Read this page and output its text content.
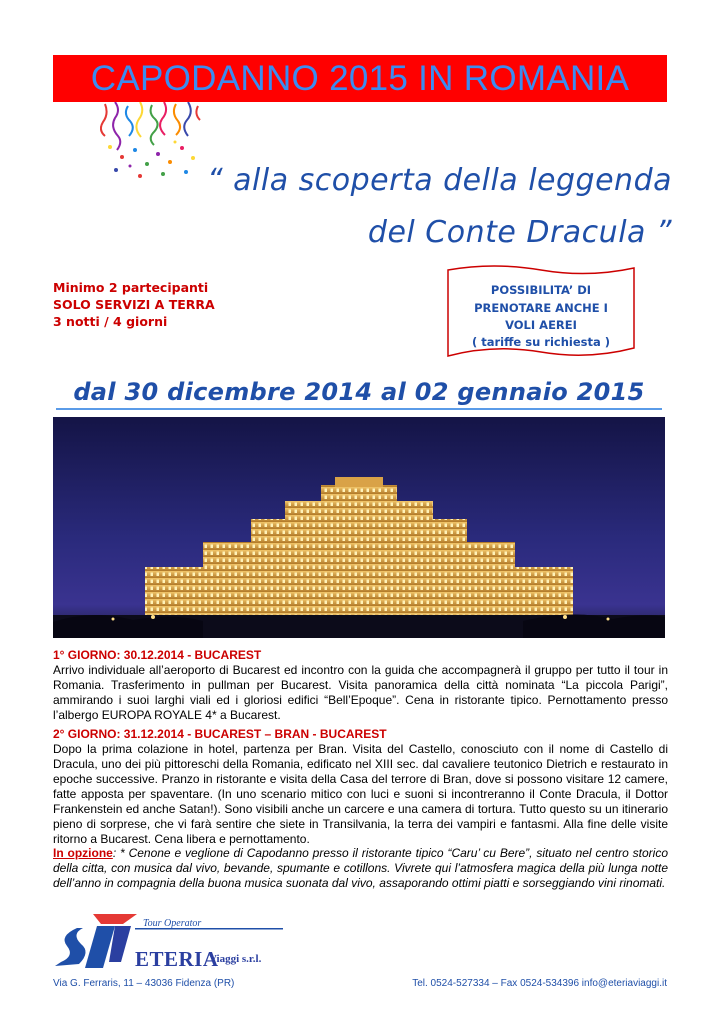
CAPODANNO 2015 IN ROMANIA
“ alla scoperta della leggenda
del Conte Dracula ”
Minimo 2 partecipanti
SOLO SERVIZI A TERRA
3 notti / 4 giorni
POSSIBILITA’ DI
PRENOTARE ANCHE I
VOLI AEREI
( tariffe su richiesta )
dal 30 dicembre 2014 al 02 gennaio 2015
1° GIORNO: 30.12.2014 - BUCAREST
Arrivo individuale all’aeroporto di Bucarest ed incontro con la guida che accompagnerà il gruppo per tutto il tour in Romania. Trasferimento in pullman per Bucarest. Visita panoramica della città nominata “La piccola Parigi”, ammirando i suoi larghi viali ed i gloriosi edifici “Bell’Epoque”. Cena in ristorante tipico. Pernottamento presso l’albergo EUROPA ROYALE 4* a Bucarest.
2° GIORNO: 31.12.2014 - BUCAREST – BRAN - BUCAREST
Dopo la prima colazione in hotel, partenza per Bran. Visita del Castello, conosciuto con il nome di Castello di Dracula, uno dei più pittoreschi della Romania, edificato nel XIII sec. dal cavaliere teutonico Dietrich e restaurato in epoche successive. Pranzo in ristorante e visita della Casa del terrore di Bran, dove si possono visitare 12 camere, fatte apposta per spaventare. (In uno scenario mitico con luci e suoni si incontreranno il Conte Dracula, il Dottor Frankenstein ed anche Satan!). Sono visibili anche un carcere e una camera di tortura. Tutto questo su un itinerario pieno di sorprese, che vi farà sentire che siete in Transilvania, la terra dei vampiri e fantasmi. Alla fine delle visite ritorno a Bucarest. Cena libera e pernottamento.
In opzione: * Cenone e veglione di Capodanno presso il ristorante tipico “Caru’ cu Bere”, situato nel centro storico della citta, con musica dal vivo, bevande, spumante e cotillons. Vivrete qui l’atmosfera magica della più lunga notte dell’anno in compagnia della buona musica suonata dal vivo, assaporando ottimi piatti e sorseggiando vini rinomati.
Tour Operator
ETERIA
Viaggi s.r.l.
Via G. Ferraris, 11 – 43036 Fidenza (PR)	Tel. 0524-527334 – Fax 0524-534396 info@eteriaviaggi.it
